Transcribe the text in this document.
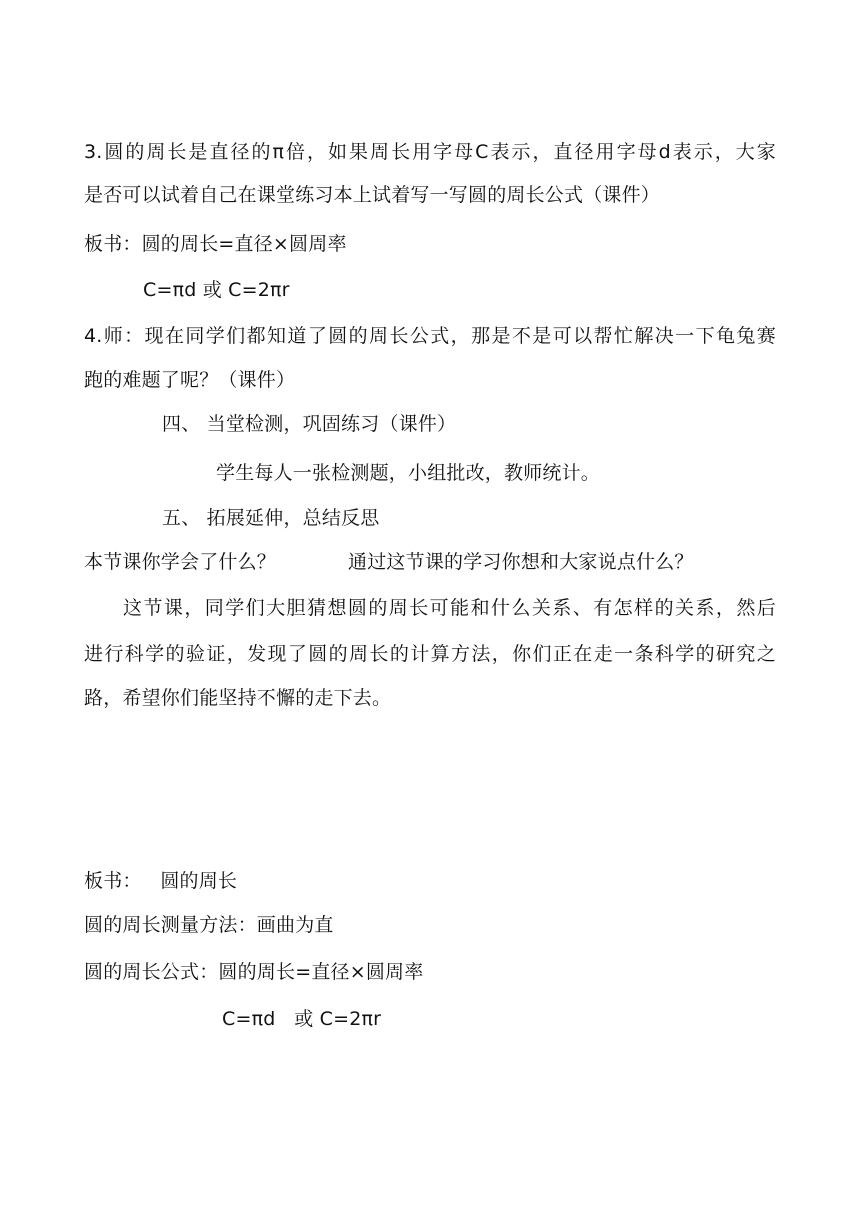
3.圆的周长是直径的π倍，如果周长用字母C表示，直径用字母d表示，大家
是否可以试着自己在课堂练习本上试着写一写圆的周长公式（课件）
板书：圆的周长=直径×圆周率
C=πd 或 C=2πr
4.师：现在同学们都知道了圆的周长公式，那是不是可以帮忙解决一下龟兔赛
跑的难题了呢？（课件）
四、 当堂检测，巩固练习（课件）
学生每人一张检测题，小组批改，教师统计。
五、 拓展延伸，总结反思
本节课你学会了什么？	通过这节课的学习你想和大家说点什么？
这节课，同学们大胆猜想圆的周长可能和什么关系、有怎样的关系，然后
进行科学的验证，发现了圆的周长的计算方法，你们正在走一条科学的研究之
路，希望你们能坚持不懈的走下去。
板书：   圆的周长
圆的周长测量方法：画曲为直
圆的周长公式：圆的周长=直径×圆周率
C=πd   或 C=2πr
